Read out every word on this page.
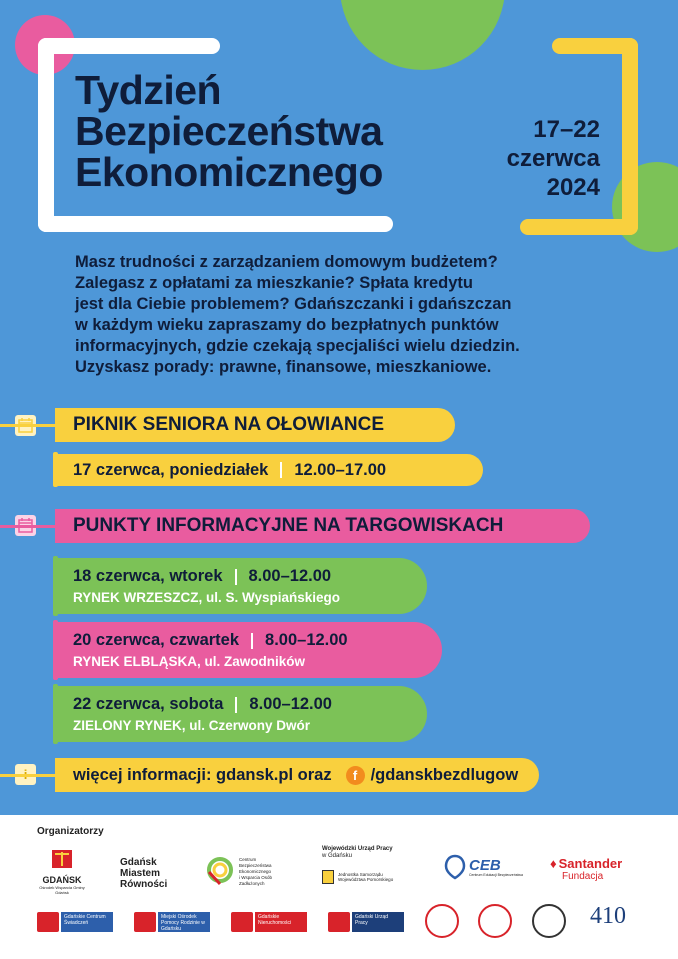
Tydzień
Bezpieczeństwa
Ekonomicznego
17–22
czerwca
2024
Masz trudności z zarządzaniem domowym budżetem?
Zalegasz z opłatami za mieszkanie? Spłata kredytu
jest dla Ciebie problemem? Gdańszczanki i gdańszczan
w każdym wieku zapraszamy do bezpłatnych punktów
informacyjnych, gdzie czekają specjaliści wielu dziedzin.
Uzyskasz porady: prawne, finansowe, mieszkaniowe.
PIKNIK SENIORA NA OŁOWIANCE
17 czerwca, poniedziałek 12.00–17.00
PUNKTY INFORMACYJNE NA TARGOWISKACH
18 czerwca, wtorek 8.00–12.00
RYNEK WRZESZCZ, ul. S. Wyspiańskiego
20 czerwca, czwartek 8.00–12.00
RYNEK ELBLĄSKA, ul. Zawodników
22 czerwca, sobota 8.00–12.00
ZIELONY RYNEK, ul. Czerwony Dwór
więcej informacji: gdansk.pl oraz	f /gdanskbezdlugow
Organizatorzy
GDAŃSK
Ośrodek Wsparcia Gminy Gdańsk
Gdańsk
Miastem
Równości
Centrum
Bezpieczeństwa
Ekonomicznego
i Wsparcia Osób
Zadłużonych
Wojewódzki Urząd Pracy
w Gdańsku
Jednostka Samorządu
Województwa Pomorskiego
CEB
Centrum Edukacji Bezpieczeństwa
♦ Santander
Fundacja
Gdańskie Centrum Świadczeń
Miejski Ośrodek Pomocy Rodzinie w Gdańsku
Gdańskie Nieruchomości
Gdański Urząd Pracy	410
